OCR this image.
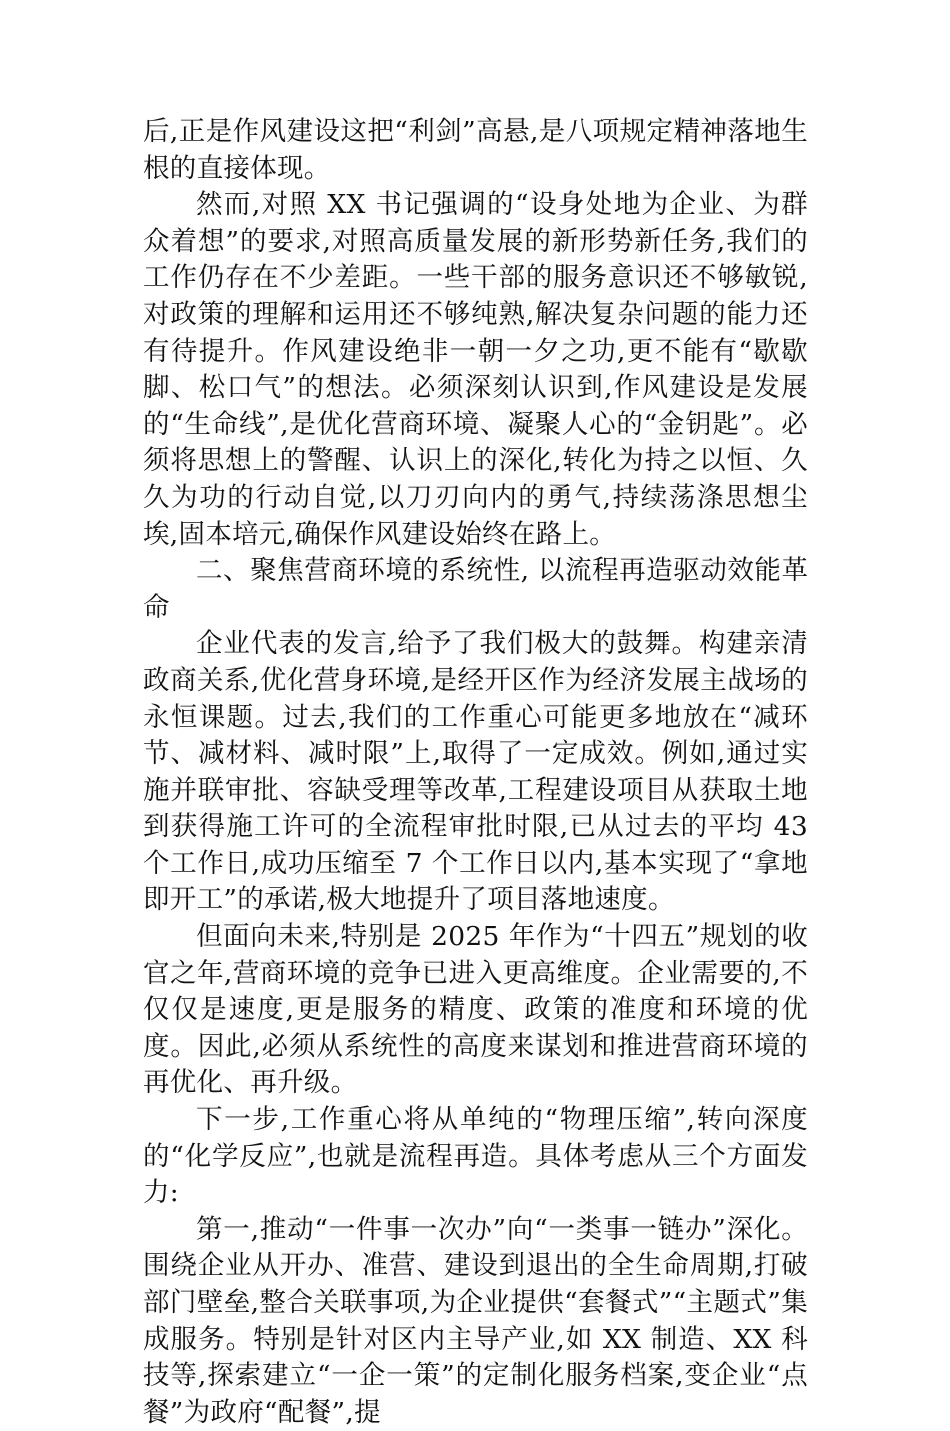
后,正是作风建设这把“利剑”高悬,是八项规定精神落地生根的直接体现。

然而,对照 XX 书记强调的“设身处地为企业、为群众着想”的要求,对照高质量发展的新形势新任务,我们的工作仍存在不少差距。一些干部的服务意识还不够敏锐,对政策的理解和运用还不够纯熟,解决复杂问题的能力还有待提升。作风建设绝非一朝一夕之功,更不能有“歇歇脚、松口气”的想法。必须深刻认识到,作风建设是发展的“生命线”,是优化营商环境、凝聚人心的“金钥匙”。必须将思想上的警醒、认识上的深化,转化为持之以恒、久久为功的行动自觉,以刀刃向内的勇气,持续荡涤思想尘埃,固本培元,确保作风建设始终在路上。

二、聚焦营商环境的系统性, 以流程再造驱动效能革命

企业代表的发言,给予了我们极大的鼓舞。构建亲清政商关系,优化营身环境,是经开区作为经济发展主战场的永恒课题。过去,我们的工作重心可能更多地放在“减环节、减材料、减时限”上,取得了一定成效。例如,通过实施并联审批、容缺受理等改革,工程建设项目从获取土地到获得施工许可的全流程审批时限,已从过去的平均 43 个工作日,成功压缩至 7 个工作日以内,基本实现了“拿地即开工”的承诺,极大地提升了项目落地速度。

但面向未来,特别是 2025 年作为“十四五”规划的收官之年,营商环境的竞争已进入更高维度。企业需要的,不仅仅是速度,更是服务的精度、政策的准度和环境的优度。因此,必须从系统性的高度来谋划和推进营商环境的再优化、再升级。

下一步,工作重心将从单纯的“物理压缩”,转向深度的“化学反应”,也就是流程再造。具体考虑从三个方面发力:

第一,推动“一件事一次办”向“一类事一链办”深化。围绕企业从开办、准营、建设到退出的全生命周期,打破部门壁垒,整合关联事项,为企业提供“套餐式”“主题式”集成服务。特别是针对区内主导产业,如 XX 制造、XX 科技等,探索建立“一企一策”的定制化服务档案,变企业“点餐”为政府“配餐”,提
